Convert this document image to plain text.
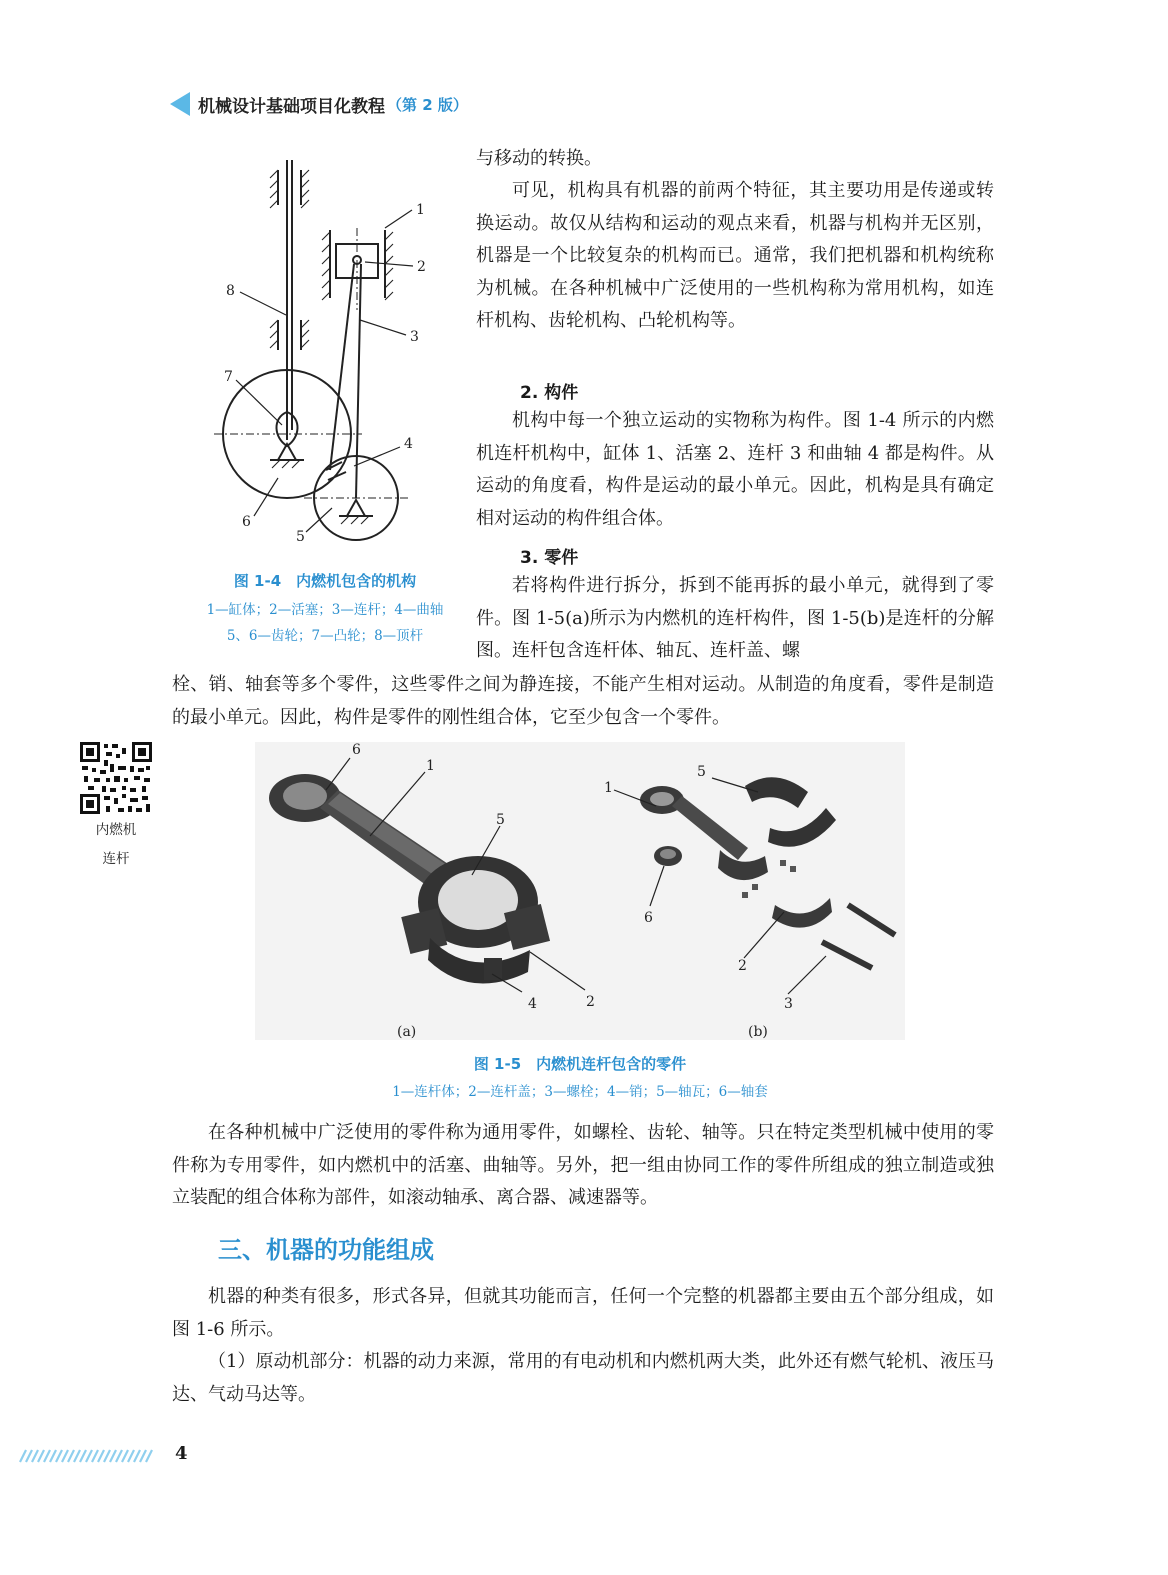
机械设计基础项目化教程 （第 2 版）
1
2
3
4
5
6
7
8
图 1-4　内燃机包含的机构
1—缸体；2—活塞；3—连杆；4—曲轴
5、6—齿轮；7—凸轮；8—顶杆
与移动的转换。
可见，机构具有机器的前两个特征，其主要功用是传递或转换运动。故仅从结构和运动的观点来看，机器与机构并无区别，机器是一个比较复杂的机构而已。通常，我们把机器和机构统称为机械。在各种机械中广泛使用的一些机构称为常用机构，如连杆机构、齿轮机构、凸轮机构等。
2. 构件
机构中每一个独立运动的实物称为构件。图 1-4 所示的内燃机连杆机构中，缸体 1、活塞 2、连杆 3 和曲轴 4 都是构件。从运动的角度看，构件是运动的最小单元。因此，机构是具有确定相对运动的构件组合体。
3. 零件
若将构件进行拆分，拆到不能再拆的最小单元，就得到了零件。图 1-5(a)所示为内燃机的连杆构件，图 1-5(b)是连杆的分解图。连杆包含连杆体、轴瓦、连杆盖、螺
栓、销、轴套等多个零件，这些零件之间为静连接，不能产生相对运动。从制造的角度看，零件是制造的最小单元。因此，构件是零件的刚性组合体，它至少包含一个零件。
内燃机
连杆
6
1
5
4	2
5
1
6
2
3
(a)	(b)
图 1-5　内燃机连杆包含的零件
1—连杆体；2—连杆盖；3—螺栓；4—销；5—轴瓦；6—轴套
在各种机械中广泛使用的零件称为通用零件，如螺栓、齿轮、轴等。只在特定类型机械中使用的零件称为专用零件，如内燃机中的活塞、曲轴等。另外，把一组由协同工作的零件所组成的独立制造或独立装配的组合体称为部件，如滚动轴承、离合器、减速器等。
三、机器的功能组成
机器的种类有很多，形式各异，但就其功能而言，任何一个完整的机器都主要由五个部分组成，如图 1-6 所示。
（1）原动机部分：机器的动力来源，常用的有电动机和内燃机两大类，此外还有燃气轮机、液压马达、气动马达等。
4
